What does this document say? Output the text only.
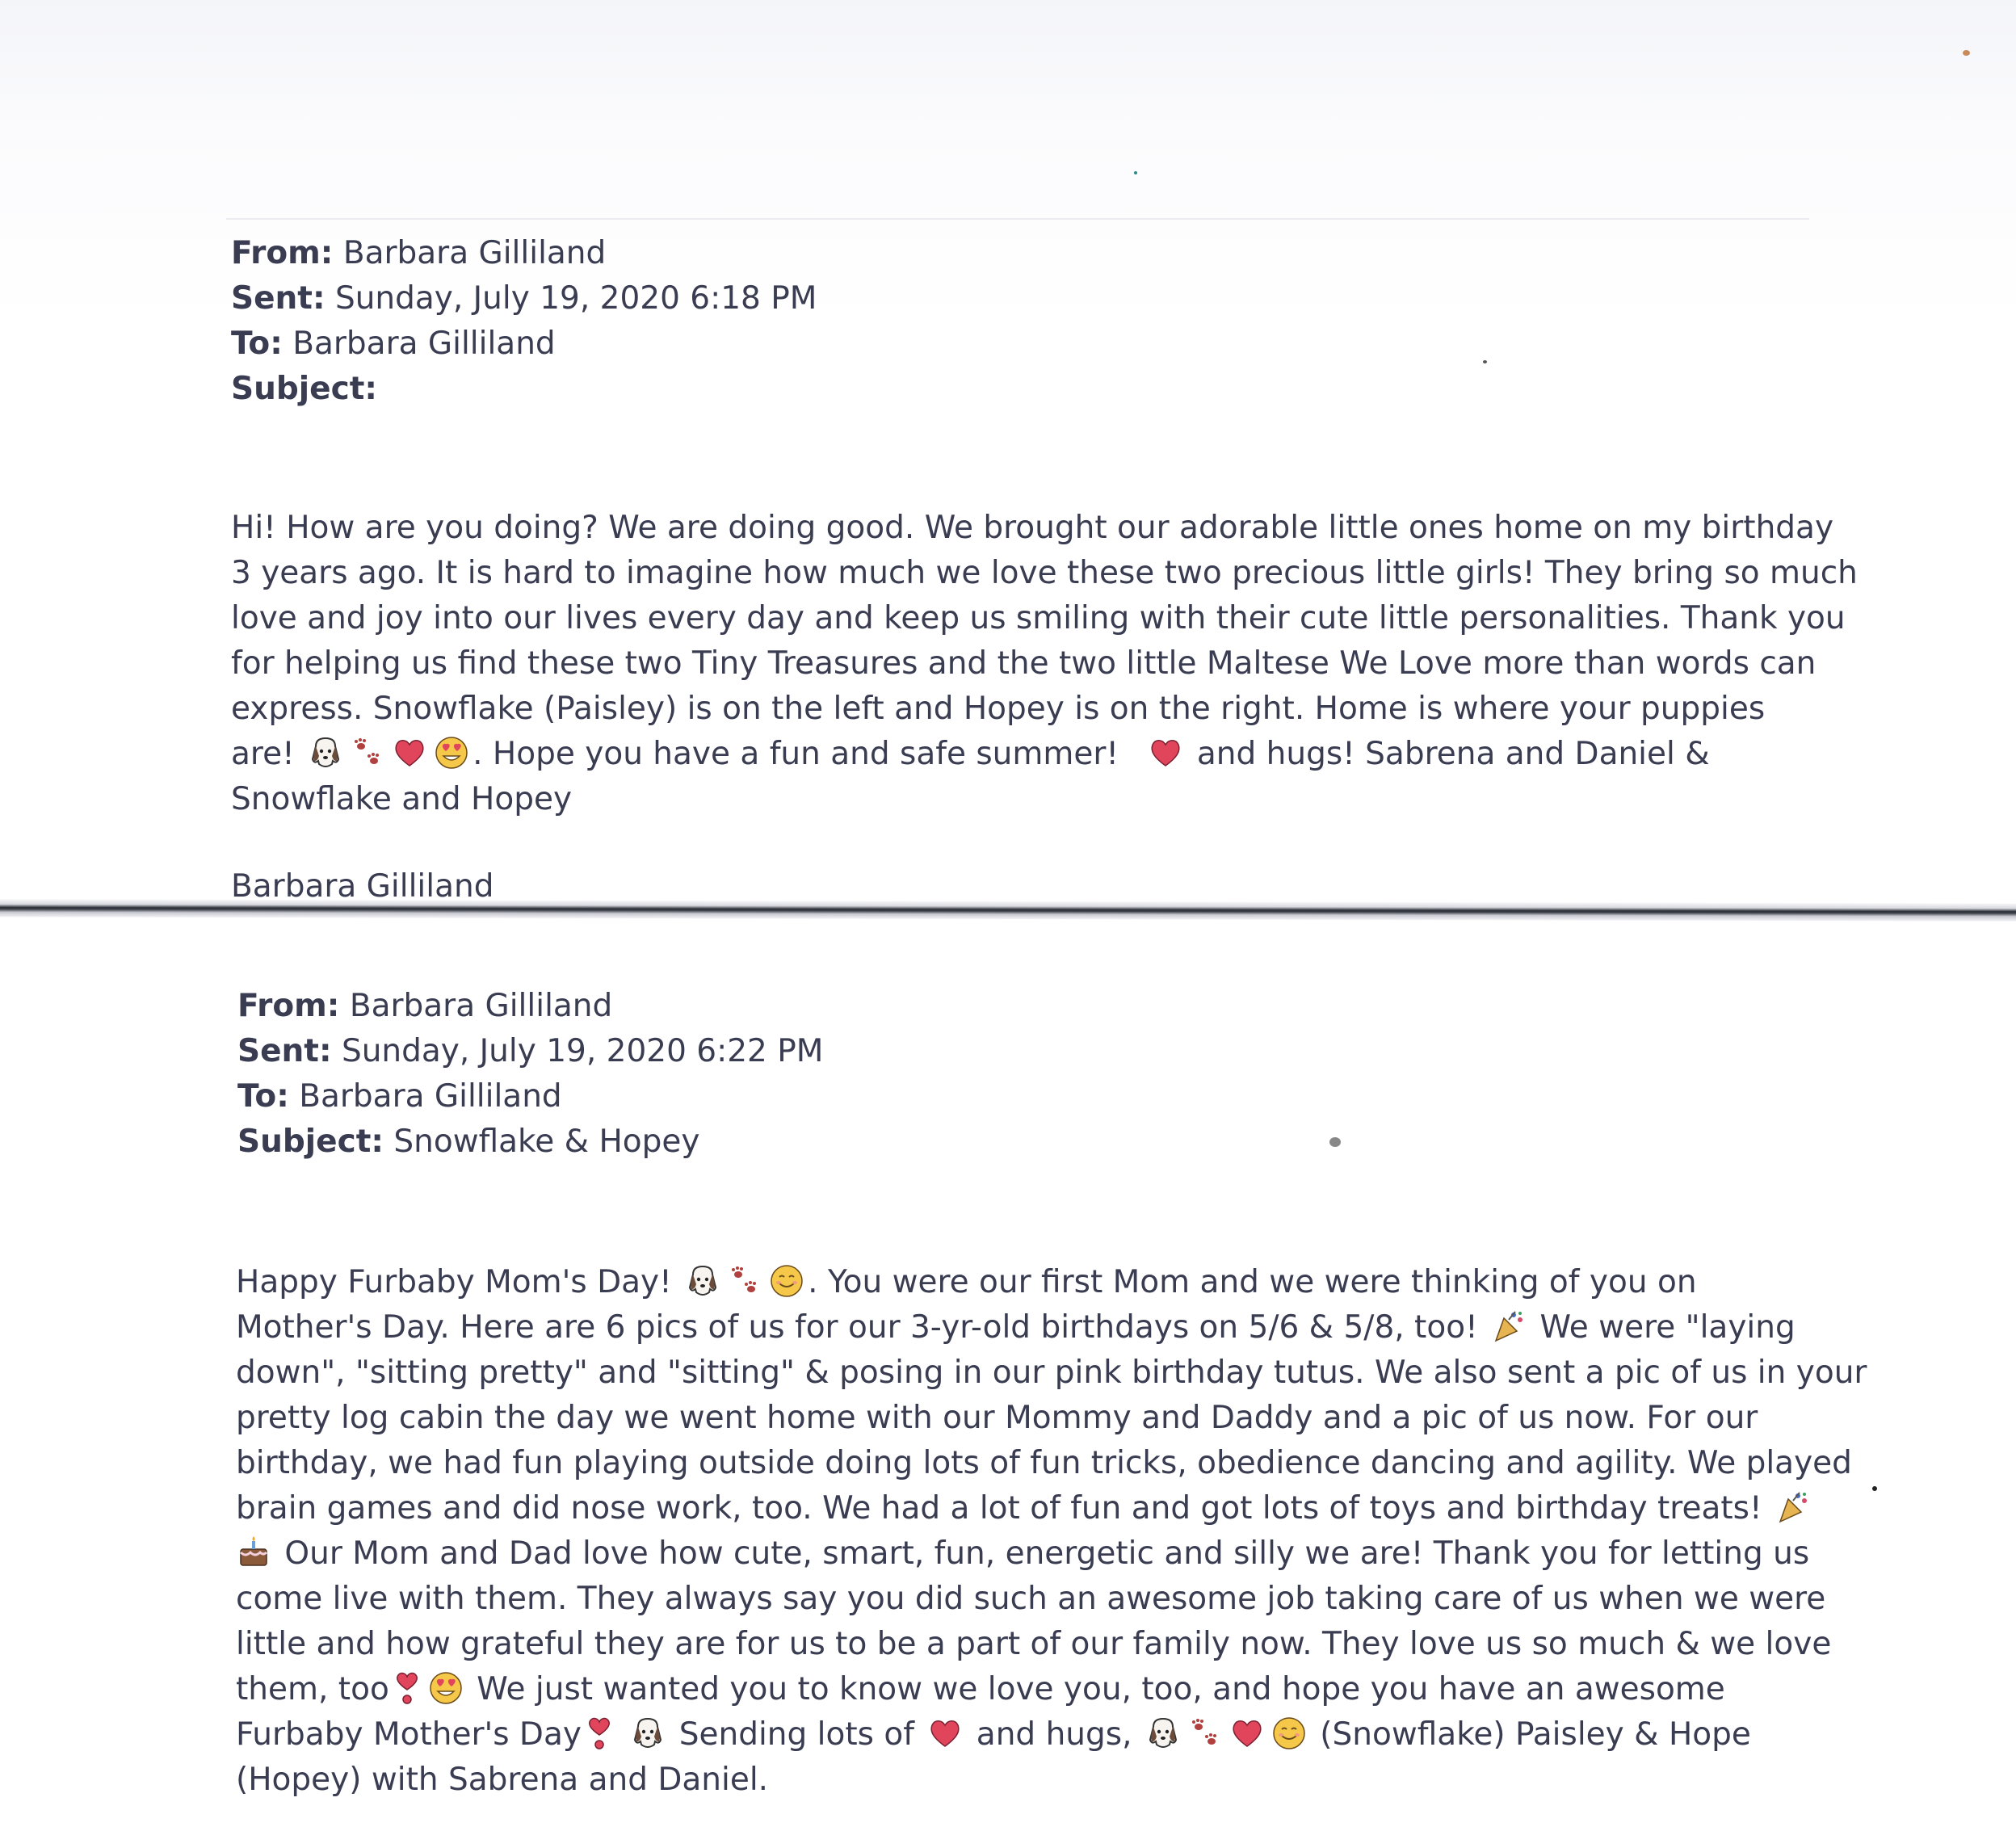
From: Barbara Gilliland
Sent: Sunday, July 19, 2020 6:18 PM
To: Barbara Gilliland
Subject:
Hi! How are you doing? We are doing good. We brought our adorable little ones home on my birthday
3 years ago. It is hard to imagine how much we love these two precious little girls! They bring so much
love and joy into our lives every day and keep us smiling with their cute little personalities. Thank you
for helping us find these two Tiny Treasures and the two little Maltese We Love more than words can
express. Snowflake (Paisley) is on the left and Hopey is on the right. Home is where your puppies
are!	. Hope you have a fun and safe summer! and hugs! Sabrena and Daniel &
Snowflake and Hopey
Barbara Gilliland
From: Barbara Gilliland
Sent: Sunday, July 19, 2020 6:22 PM
To: Barbara Gilliland
Subject: Snowflake & Hopey
Happy Furbaby Mom's Day!	. You were our first Mom and we were thinking of you on
Mother's Day. Here are 6 pics of us for our 3-yr-old birthdays on 5/6 & 5/8, too! We were "laying
down", "sitting pretty" and "sitting" & posing in our pink birthday tutus. We also sent a pic of us in your
pretty log cabin the day we went home with our Mommy and Daddy and a pic of us now. For our
birthday, we had fun playing outside doing lots of fun tricks, obedience dancing and agility. We played
brain games and did nose work, too. We had a lot of fun and got lots of toys and birthday treats!
Our Mom and Dad love how cute, smart, fun, energetic and silly we are! Thank you for letting us
come live with them. They always say you did such an awesome job taking care of us when we were
little and how grateful they are for us to be a part of our family now. They love us so much & we love
them, too	We just wanted you to know we love you, too, and hope you have an awesome
Furbaby Mother's Day
	Sending lots of and hugs,	(Snowflake) Paisley & Hope
(Hopey) with Sabrena and Daniel.
